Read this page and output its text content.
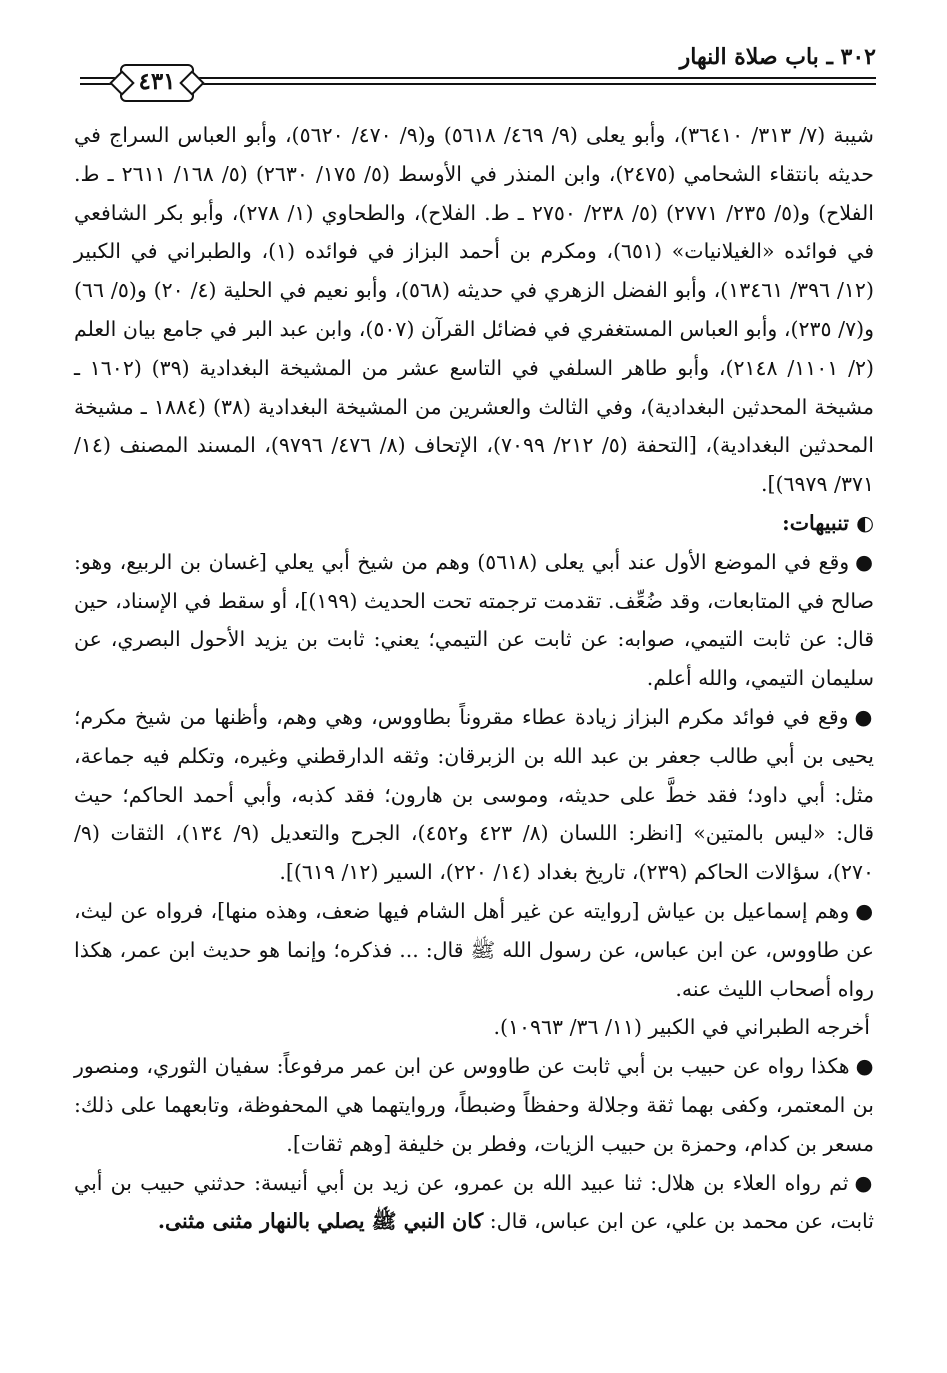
٣٠٢ ـ باب صلاة النهار
٤٣١

شيبة (٧/ ٣١٣/ ٣٦٤١٠)، وأبو يعلى (٩/ ٤٦٩/ ٥٦١٨) و(٩/ ٤٧٠/ ٥٦٢٠)، وأبو العباس السراج في حديثه بانتقاء الشحامي (٢٤٧٥)، وابن المنذر في الأوسط (٥/ ١٧٥/ ٢٦٣٠) (٥/ ١٦٨/ ٢٦١١ ـ ط. الفلاح) و(٥/ ٢٣٥/ ٢٧٧١) (٥/ ٢٣٨/ ٢٧٥٠ ـ ط. الفلاح)، والطحاوي (١/ ٢٧٨)، وأبو بكر الشافعي في فوائده «الغيلانيات» (٦٥١)، ومكرم بن أحمد البزاز في فوائده (١)، والطبراني في الكبير (١٢/ ٣٩٦/ ١٣٤٦١)، وأبو الفضل الزهري في حديثه (٥٦٨)، وأبو نعيم في الحلية (٤/ ٢٠) و(٥/ ٦٦) و(٧/ ٢٣٥)، وأبو العباس المستغفري في فضائل القرآن (٥٠٧)، وابن عبد البر في جامع بيان العلم (٢/ ١١٠١/ ٢١٤٨)، وأبو طاهر السلفي في التاسع عشر من المشيخة البغدادية (٣٩) (١٦٠٢ ـ مشيخة المحدثين البغدادية)، وفي الثالث والعشرين من المشيخة البغدادية (٣٨) (١٨٨٤ ـ مشيخة المحدثين البغدادية)، [التحفة (٥/ ٢١٢/ ٧٠٩٩)، الإتحاف (٨/ ٤٧٦/ ٩٧٩٦)، المسند المصنف (١٤/ ٣٧١/ ٦٩٧٩)].

◐ تنبيهات:

●وقع في الموضع الأول عند أبي يعلى (٥٦١٨) وهم من شيخ أبي يعلي [غسان بن الربيع، وهو: صالح في المتابعات، وقد ضُعِّف. تقدمت ترجمته تحت الحديث (١٩٩)]، أو سقط في الإسناد، حين قال: عن ثابت التيمي، صوابه: عن ثابت عن التيمي؛ يعني: ثابت بن يزيد الأحول البصري، عن سليمان التيمي، والله أعلم.

●وقع في فوائد مكرم البزاز زيادة عطاء مقروناً بطاووس، وهي وهم، وأظنها من شيخ مكرم؛ يحيى بن أبي طالب جعفر بن عبد الله بن الزبرقان: وثقه الدارقطني وغيره، وتكلم فيه جماعة، مثل: أبي داود؛ فقد خطَّ على حديثه، وموسى بن هارون؛ فقد كذبه، وأبي أحمد الحاكم؛ حيث قال: «ليس بالمتين» [انظر: اللسان (٨/ ٤٢٣ و٤٥٢)، الجرح والتعديل (٩/ ١٣٤)، الثقات (٩/ ٢٧٠)، سؤالات الحاكم (٢٣٩)، تاريخ بغداد (١٤/ ٢٢٠)، السير (١٢/ ٦١٩)].

●وهم إسماعيل بن عياش [روايته عن غير أهل الشام فيها ضعف، وهذه منها]، فرواه عن ليث، عن طاووس، عن ابن عباس، عن رسول الله ﷺ قال: ... فذكره؛ وإنما هو حديث ابن عمر، هكذا رواه أصحاب الليث عنه.

أخرجه الطبراني في الكبير (١١/ ٣٦/ ١٠٩٦٣).

●هكذا رواه عن حبيب بن أبي ثابت عن طاووس عن ابن عمر مرفوعاً: سفيان الثوري، ومنصور بن المعتمر، وكفى بهما ثقة وجلالة وحفظاً وضبطاً، وروايتهما هي المحفوظة، وتابعهما على ذلك: مسعر بن كدام، وحمزة بن حبيب الزيات، وفطر بن خليفة [وهم ثقات].

●ثم رواه العلاء بن هلال: ثنا عبيد الله بن عمرو، عن زيد بن أبي أنيسة: حدثني حبيب بن أبي ثابت، عن محمد بن علي، عن ابن عباس، قال: كان النبي ﷺ يصلي بالنهار مثنى مثنى.
